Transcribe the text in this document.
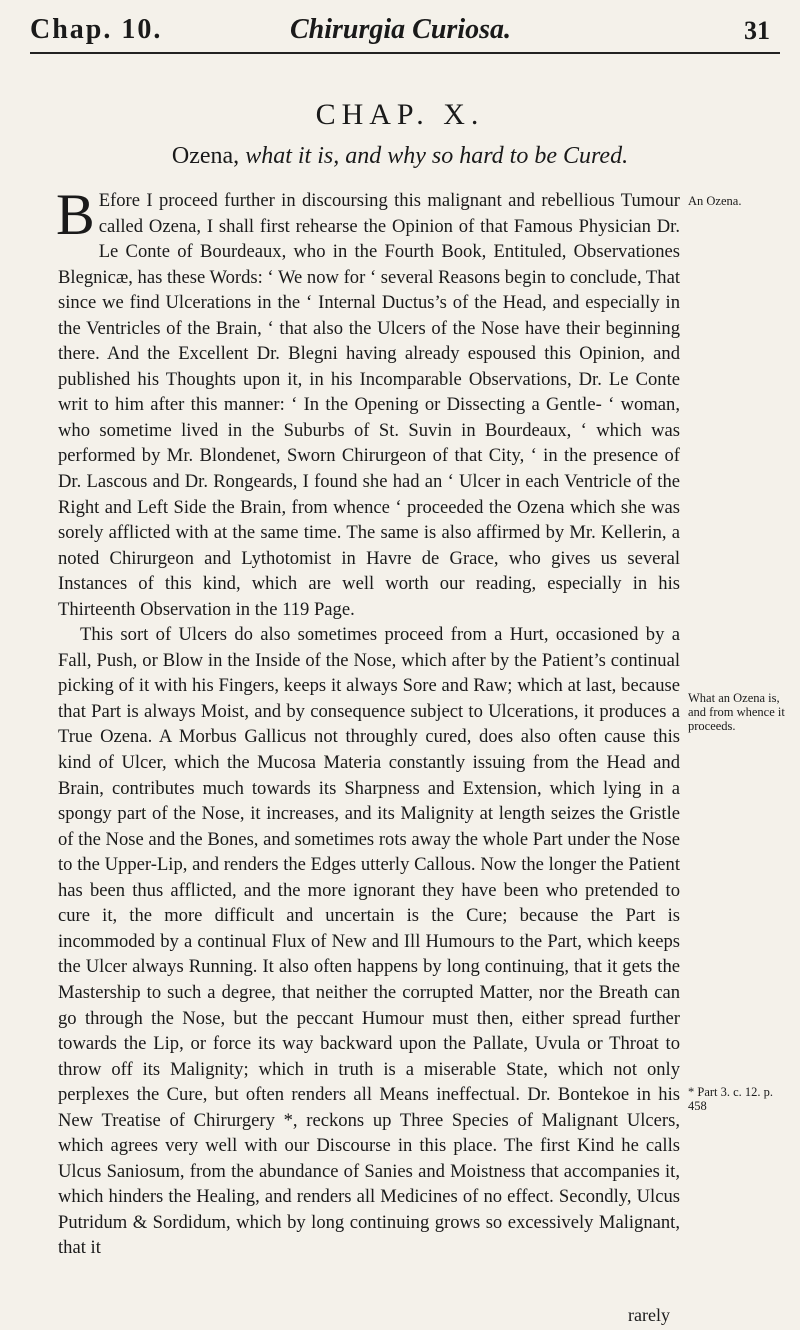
Chap. 10.	Chirurgia Curiosa.	31
CHAP. X.
Ozena, what it is, and why so hard to be Cured.

B Efore I proceed further in discoursing this malignant and rebellious Tumour called Ozena, I shall first rehearse the Opinion of that Famous Physician Dr. Le Conte of Bourdeaux, who in the Fourth Book, Entituled, Observationes Blegnicæ, has these Words: ‘ We now for ‘ several Reasons begin to conclude, That since we find Ulcerations in the ‘ Internal Ductus’s of the Head, and especially in the Ventricles of the Brain, ‘ that also the Ulcers of the Nose have their beginning there. And the Excellent Dr. Blegni having already espoused this Opinion, and published his Thoughts upon it, in his Incomparable Observations, Dr. Le Conte writ to him after this manner: ‘ In the Opening or Dissecting a Gentle- ‘ woman, who sometime lived in the Suburbs of St. Suvin in Bourdeaux, ‘ which was performed by Mr. Blondenet, Sworn Chirurgeon of that City, ‘ in the presence of Dr. Lascous and Dr. Rongeards, I found she had an ‘ Ulcer in each Ventricle of the Right and Left Side the Brain, from whence ‘ proceeded the Ozena which she was sorely afflicted with at the same time. The same is also affirmed by Mr. Kellerin, a noted Chirurgeon and Lythotomist in Havre de Grace, who gives us several Instances of this kind, which are well worth our reading, especially in his Thirteenth Observation in the 119 Page.

This sort of Ulcers do also sometimes proceed from a Hurt, occasioned by a Fall, Push, or Blow in the Inside of the Nose, which after by the Patient’s continual picking of it with his Fingers, keeps it always Sore and Raw; which at last, because that Part is always Moist, and by consequence subject to Ulcerations, it produces a True Ozena. A Morbus Gallicus not throughly cured, does also often cause this kind of Ulcer, which the Mucosa Materia constantly issuing from the Head and Brain, contributes much towards its Sharpness and Extension, which lying in a spongy part of the Nose, it increases, and its Malignity at length seizes the Gristle of the Nose and the Bones, and sometimes rots away the whole Part under the Nose to the Upper-Lip, and renders the Edges utterly Callous. Now the longer the Patient has been thus afflicted, and the more ignorant they have been who pretended to cure it, the more difficult and uncertain is the Cure; because the Part is incommoded by a continual Flux of New and Ill Humours to the Part, which keeps the Ulcer always Running. It also often happens by long continuing, that it gets the Mastership to such a degree, that neither the corrupted Matter, nor the Breath can go through the Nose, but the peccant Humour must then, either spread further towards the Lip, or force its way backward upon the Pallate, Uvula or Throat to throw off its Malignity; which in truth is a miserable State, which not only perplexes the Cure, but often renders all Means ineffectual. Dr. Bontekoe in his New Treatise of Chirurgery *, reckons up Three Species of Malignant Ulcers, which agrees very well with our Discourse in this place. The first Kind he calls Ulcus Saniosum, from the abundance of Sanies and Moistness that accompanies it, which hinders the Healing, and renders all Medicines of no effect. Secondly, Ulcus Putridum & Sordidum, which by long continuing grows so excessively Malignant, that it

rarely
An Ozena.
What an Ozena is, and from whence it proceeds.
* Part 3. c. 12. p. 458
